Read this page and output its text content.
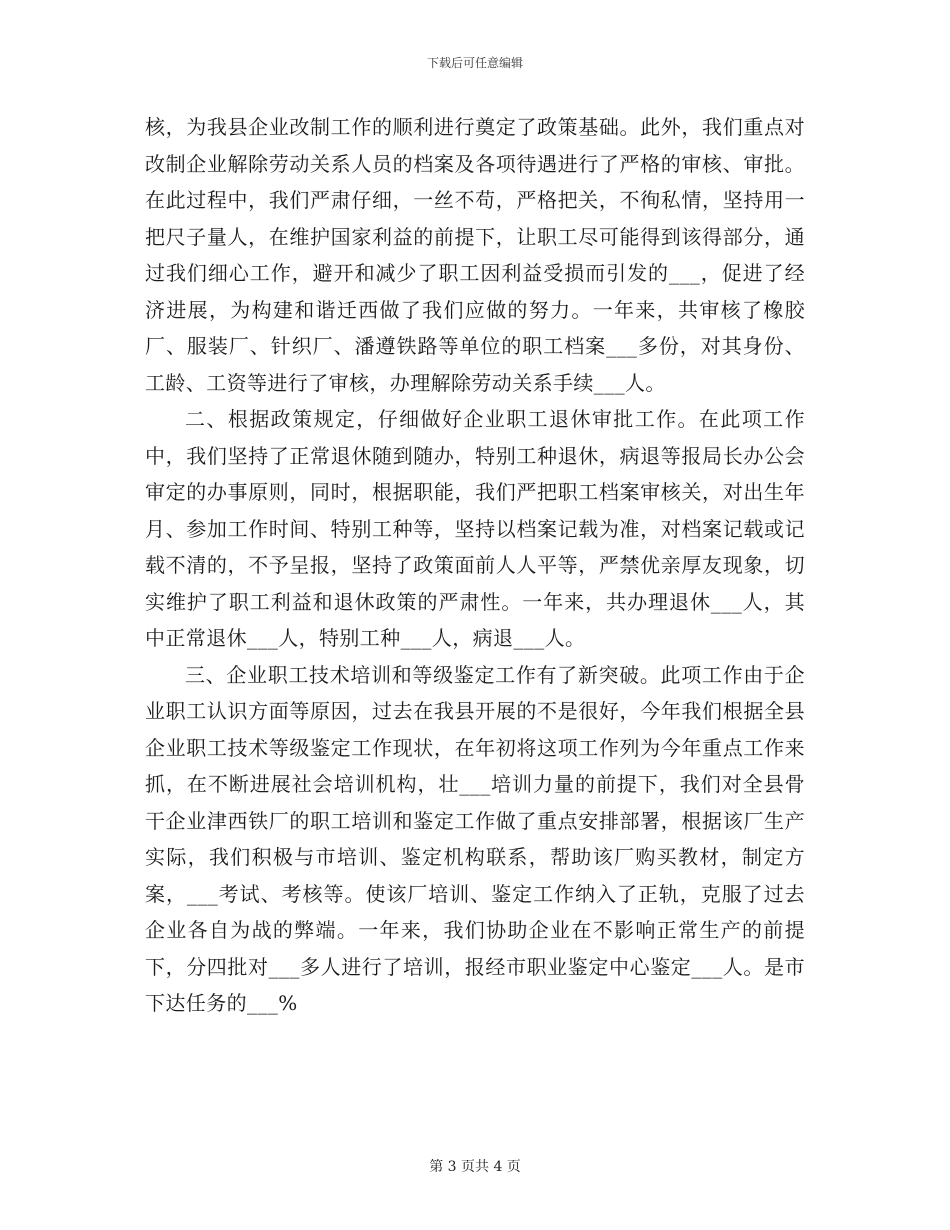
下载后可任意编辑

核，为我县企业改制工作的顺利进行奠定了政策基础。此外，我们重点对改制企业解除劳动关系人员的档案及各项待遇进行了严格的审核、审批。在此过程中，我们严肃仔细，一丝不苟，严格把关，不徇私情，坚持用一把尺子量人，在维护国家利益的前提下，让职工尽可能得到该得部分，通过我们细心工作，避开和减少了职工因利益受损而引发的___，促进了经济进展，为构建和谐迁西做了我们应做的努力。一年来，共审核了橡胶厂、服装厂、针织厂、潘遵铁路等单位的职工档案___多份，对其身份、工龄、工资等进行了审核，办理解除劳动关系手续___人。

二、根据政策规定，仔细做好企业职工退休审批工作。在此项工作中，我们坚持了正常退休随到随办，特别工种退休，病退等报局长办公会审定的办事原则，同时，根据职能，我们严把职工档案审核关，对出生年月、参加工作时间、特别工种等，坚持以档案记载为准，对档案记载或记载不清的，不予呈报，坚持了政策面前人人平等，严禁优亲厚友现象，切实维护了职工利益和退休政策的严肃性。一年来，共办理退休___人，其中正常退休___人，特别工种___人，病退___人。

三、企业职工技术培训和等级鉴定工作有了新突破。此项工作由于企业职工认识方面等原因，过去在我县开展的不是很好，今年我们根据全县企业职工技术等级鉴定工作现状，在年初将这项工作列为今年重点工作来抓，在不断进展社会培训机构，壮___培训力量的前提下，我们对全县骨干企业津西铁厂的职工培训和鉴定工作做了重点安排部署，根据该厂生产实际，我们积极与市培训、鉴定机构联系，帮助该厂购买教材，制定方案，___考试、考核等。使该厂培训、鉴定工作纳入了正轨，克服了过去企业各自为战的弊端。一年来，我们协助企业在不影响正常生产的前提下，分四批对___多人进行了培训，报经市职业鉴定中心鉴定___人。是市下达任务的___%

第 3 页共 4 页
